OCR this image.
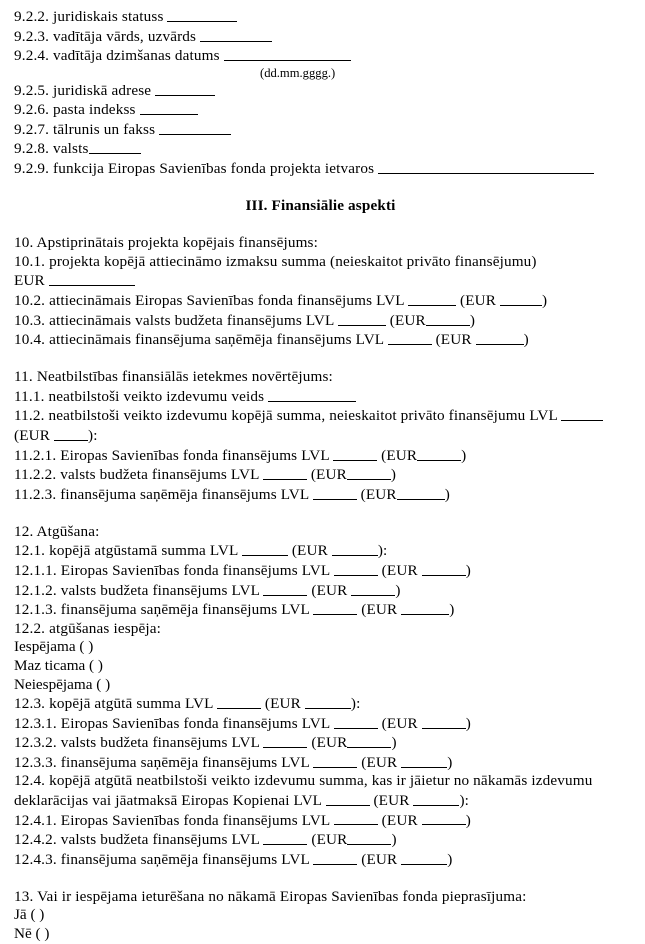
9.2.2. juridiskais statuss
9.2.3. vadītāja vārds, uzvārds
9.2.4. vadītāja dzimšanas datums
(dd.mm.gggg.)
9.2.5. juridiskā adrese
9.2.6. pasta indekss
9.2.7. tālrunis un fakss
9.2.8. valsts
9.2.9. funkcija Eiropas Savienības fonda projekta ietvaros
III. Finansiālie aspekti
10. Apstiprinātais projekta kopējais finansējums:
10.1. projekta kopējā attiecināmo izmaksu summa (neieskaitot privāto finansējumu)
EUR
10.2. attiecināmais Eiropas Savienības fonda finansējums LVL	(EUR	)
10.3. attiecināmais valsts budžeta finansējums LVL	(EUR	)
10.4. attiecināmais finansējuma saņēmēja finansējums LVL	(EUR	)
11. Neatbilstības finansiālās ietekmes novērtējums:
11.1. neatbilstoši veikto izdevumu veids
11.2. neatbilstoši veikto izdevumu kopējā summa, neieskaitot privāto finansējumu LVL
(EUR ):
11.2.1. Eiropas Savienības fonda finansējums LVL	(EUR	)
11.2.2. valsts budžeta finansējums LVL	(EUR	)
11.2.3. finansējuma saņēmēja finansējums LVL	(EUR	)
12. Atgūšana:
12.1. kopējā atgūstamā summa LVL	(EUR	):
12.1.1. Eiropas Savienības fonda finansējums LVL	(EUR	)
12.1.2. valsts budžeta finansējums LVL	(EUR	)
12.1.3. finansējuma saņēmēja finansējums LVL	(EUR	)
12.2. atgūšanas iespēja:
Iespējama ( )
Maz ticama ( )
Neiespējama ( )
12.3. kopējā atgūtā summa LVL	(EUR	):
12.3.1. Eiropas Savienības fonda finansējums LVL	(EUR	)
12.3.2. valsts budžeta finansējums LVL	(EUR	)
12.3.3. finansējuma saņēmēja finansējums LVL	(EUR	)
12.4. kopējā atgūtā neatbilstoši veikto izdevumu summa, kas ir jāietur no nākamās izdevumu
deklarācijas vai jāatmaksā Eiropas Kopienai LVL	(EUR	):
12.4.1. Eiropas Savienības fonda finansējums LVL	(EUR	)
12.4.2. valsts budžeta finansējums LVL	(EUR	)
12.4.3. finansējuma saņēmēja finansējums LVL	(EUR	)
13. Vai ir iespējama ieturēšana no nākamā Eiropas Savienības fonda pieprasījuma:
Jā ( )
Nē ( )
